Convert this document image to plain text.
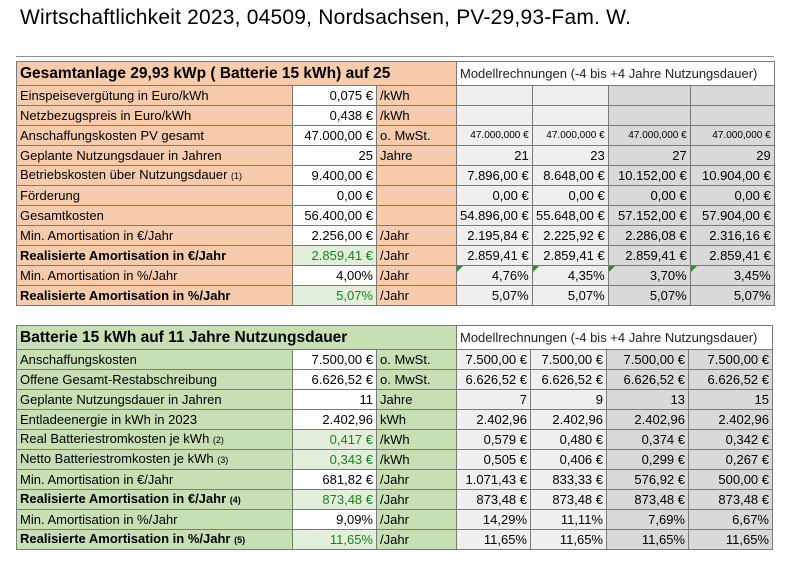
Wirtschaftlichkeit 2023, 04509, Nordsachsen, PV-29,93-Fam. W.
Gesamtanlage 29,93 kWp ( Batterie 15 kWh) auf 25			Modellrechnungen (-4 bis +4 Jahre Nutzungsdauer)			
Einspeisevergütung in Euro/kWh	0,075 €	/kWh				
Netzbezugspreis in Euro/kWh	0,438 €	/kWh				
Anschaffungskosten PV gesamt	47.000,00 €	o. MwSt.	47.000,000 €	47.000,000 €	47.000,000 €	47.000,000 €
Geplante Nutzungsdauer in Jahren	25	Jahre	21	23	27	29
Betriebskosten über Nutzungsdauer (1)	9.400,00 €		7.896,00 €	8.648,00 €	10.152,00 €	10.904,00 €
Förderung	0,00 €		0,00 €	0,00 €	0,00 €	0,00 €
Gesamtkosten	56.400,00 €		54.896,00 €	55.648,00 €	57.152,00 €	57.904,00 €
Min. Amortisation in €/Jahr	2.256,00 €	/Jahr	2.195,84 €	2.225,92 €	2.286,08 €	2.316,16 €
Realisierte Amortisation in €/Jahr	2.859,41 €	/Jahr	2.859,41 €	2.859,41 €	2.859,41 €	2.859,41 €
Min. Amortisation in %/Jahr	4,00%	/Jahr	4,76%	4,35%	3,70%	3,45%
Realisierte Amortisation in %/Jahr	5,07%	/Jahr	5,07%	5,07%	5,07%	5,07%
Batterie 15 kWh auf 11 Jahre Nutzungsdauer			Modellrechnungen (-4 bis +4 Jahre Nutzungsdauer)			
Anschaffungskosten	7.500,00 €	o. MwSt.	7.500,00 €	7.500,00 €	7.500,00 €	7.500,00 €
Offene Gesamt-Restabschreibung	6.626,52 €	o. MwSt.	6.626,52 €	6.626,52 €	6.626,52 €	6.626,52 €
Geplante Nutzungsdauer in Jahren	11	Jahre	7	9	13	15
Entladeenergie in kWh in 2023	2.402,96	kWh	2.402,96	2.402,96	2.402,96	2.402,96
Real Batteriestromkosten je kWh (2)	0,417 €	/kWh	0,579 €	0,480 €	0,374 €	0,342 €
Netto Batteriestromkosten je kWh (3)	0,343 €	/kWh	0,505 €	0,406 €	0,299 €	0,267 €
Min. Amortisation in €/Jahr	681,82 €	/Jahr	1.071,43 €	833,33 €	576,92 €	500,00 €
Realisierte Amortisation in €/Jahr (4)	873,48 €	/Jahr	873,48 €	873,48 €	873,48 €	873,48 €
Min. Amortisation in %/Jahr	9,09%	/Jahr	14,29%	11,11%	7,69%	6,67%
Realisierte Amortisation in %/Jahr (5)	11,65%	/Jahr	11,65%	11,65%	11,65%	11,65%
